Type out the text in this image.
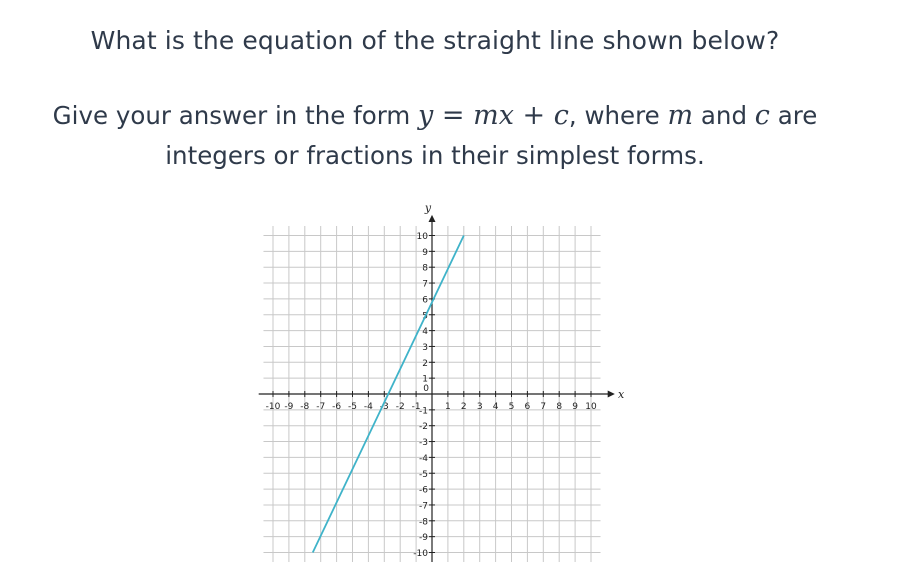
What is the equation of the straight line shown below?
Give your answer in the form y = mx + c, where m and c are
integers or fractions in their simplest forms.
x
y
-10 -9 -8 -7 -6 -5 -4 -3 -2 -1	1 2 3 4 5 6 7 8 9 10
10
9
8
7
6
5
4
3
2
1
-1
-2
-3
-4
-5
-6
-7
-8
-9
-10
0
